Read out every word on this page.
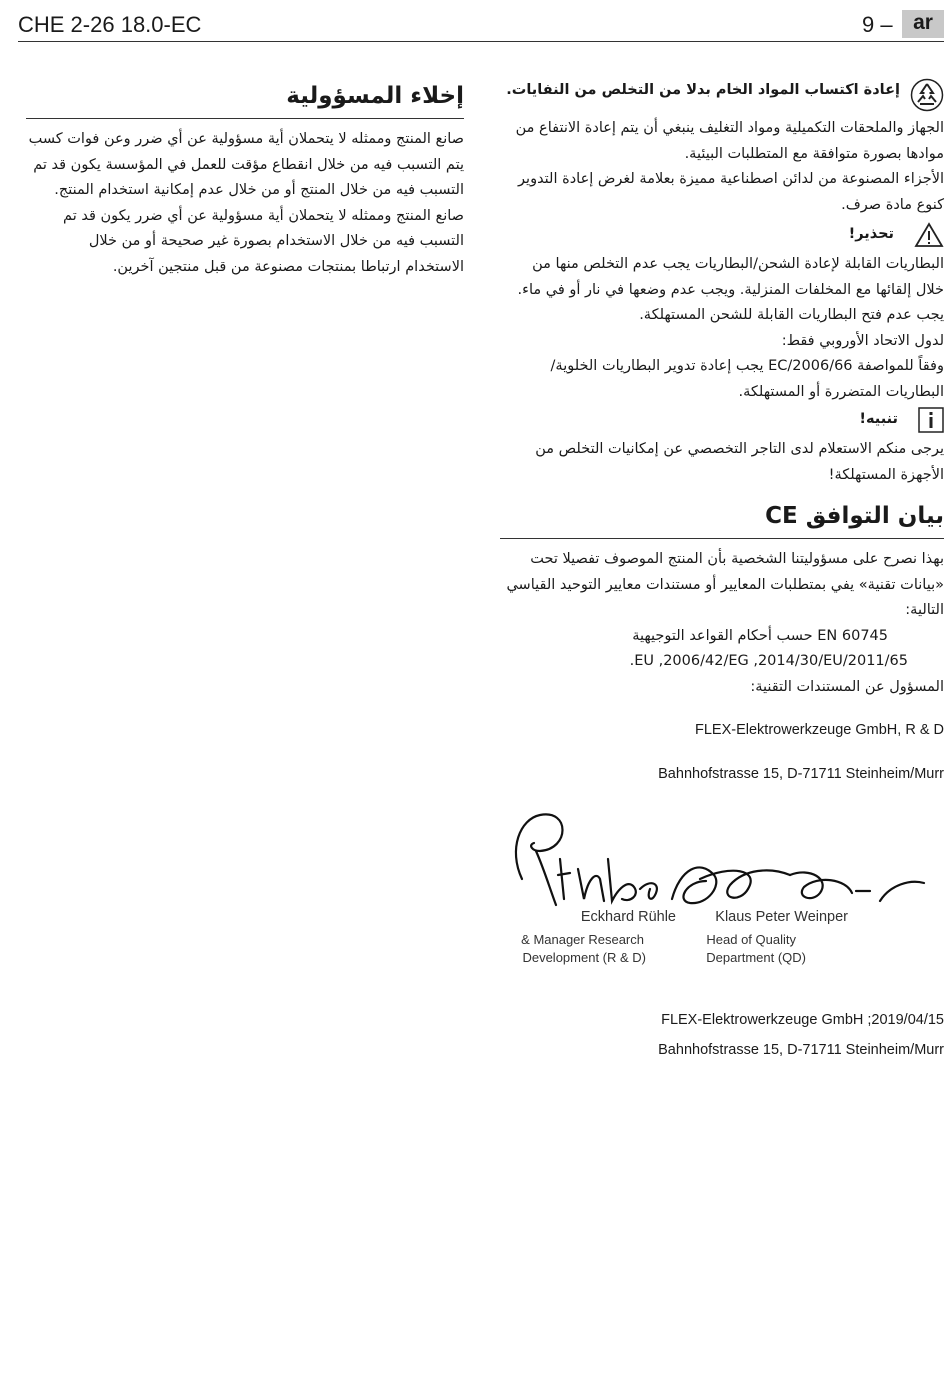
CHE 2-26 18.0-EC	9 – ar

إعادة اكتساب المواد الخام بدلا من التخلص من النفايات.

الجهاز والملحقات التكميلية ومواد التغليف ينبغي أن يتم إعادة الانتفاع من موادها بصورة متوافقة مع المتطلبات البيئية.

الأجزاء المصنوعة من لدائن اصطناعية مميزة بعلامة لغرض إعادة التدوير كنوع مادة صرف.

تحذير!

البطاريات القابلة لإعادة الشحن/البطاريات يجب عدم التخلص منها من خلال إلقائها مع المخلفات المنزلية. ويجب عدم وضعها في نار أو في ماء. يجب عدم فتح البطاريات القابلة للشحن المستهلكة.

لدول الاتحاد الأوروبي فقط:

وفقاً للمواصفة 2006/66/EC يجب إعادة تدوير البطاريات الخلوية/البطاريات المتضررة أو المستهلكة.

تنبيه!

يرجى منكم الاستعلام لدى التاجر التخصصي عن إمكانيات التخلص من الأجهزة المستهلكة!

بيان التوافق CE

بهذا نصرح على مسؤوليتنا الشخصية بأن المنتج الموصوف تفصيلا تحت «بيانات تقنية» يفي بمتطلبات المعايير أو مستندات معايير التوحيد القياسي التالية:

EN 60745 حسب أحكام القواعد التوجيهية

2011/65/EU ,2006/42/EG ,2014/30/EU.

المسؤول عن المستندات التقنية:

FLEX-Elektrowerkzeuge GmbH, R & D

Bahnhofstrasse 15, D-71711 Steinheim/Murr

Eckhard Rühle
Manager Research &
Development (R & D)
Klaus Peter Weinper
Head of Quality
Department (QD)
FLEX-Elektrowerkzeuge GmbH ;2019/04/15
Bahnhofstrasse 15, D-71711 Steinheim/Murr
إخلاء المسؤولية

صانع المنتج وممثله لا يتحملان أية مسؤولية عن أي ضرر وعن فوات كسب يتم التسبب فيه من خلال انقطاع مؤقت للعمل في المؤسسة يكون قد تم التسبب فيه من خلال المنتج أو من خلال عدم إمكانية استخدام المنتج.

صانع المنتج وممثله لا يتحملان أية مسؤولية عن أي ضرر يكون قد تم التسبب فيه من خلال الاستخدام بصورة غير صحيحة أو من خلال الاستخدام ارتباطا بمنتجات مصنوعة من قبل منتجين آخرين.
